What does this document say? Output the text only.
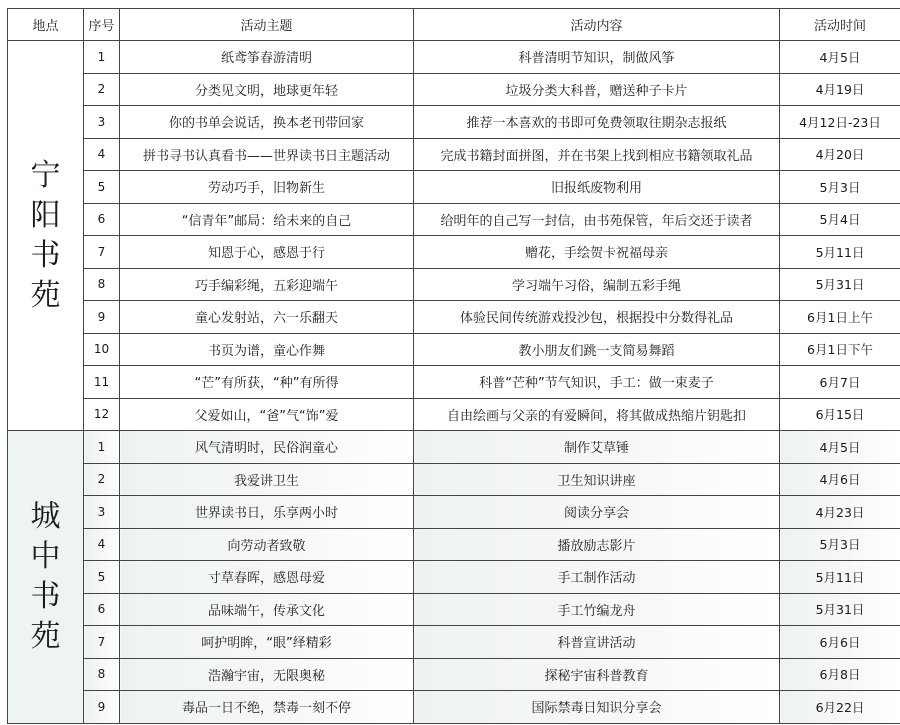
地点	序号	活动主题	活动内容	活动时间
宁阳书苑	1	纸鸢筝春游清明	科普清明节知识，制做风筝	4月5日
	2	分类见文明，地球更年轻	垃圾分类大科普，赠送种子卡片	4月19日
	3	你的书单会说话，换本老刊带回家	推荐一本喜欢的书即可免费领取往期杂志报纸	4月12日-23日
	4	拼书寻书认真看书——世界读书日主题活动	完成书籍封面拼图，并在书架上找到相应书籍领取礼品	4月20日
	5	劳动巧手，旧物新生	旧报纸废物利用	5月3日
	6	“信青年”邮局：给未来的自己	给明年的自己写一封信，由书苑保管，年后交还于读者	5月4日
	7	知恩于心，感恩于行	赠花，手绘贺卡祝福母亲	5月11日
	8	巧手编彩绳，五彩迎端午	学习端午习俗，编制五彩手绳	5月31日
	9	童心发射站，六一乐翻天	体验民间传统游戏投沙包，根据投中分数得礼品	6月1日上午
	10	书页为谱，童心作舞	教小朋友们跳一支简易舞蹈	6月1日下午
	11	“芒”有所获，“种”有所得	科普“芒种”节气知识，手工：做一束麦子	6月7日
	12	父爱如山，“爸”气“饰”爱	自由绘画与父亲的有爱瞬间，将其做成热缩片钥匙扣	6月15日
城中书苑	1	风气清明时，民俗润童心	制作艾草锤	4月5日
	2	我爱讲卫生	卫生知识讲座	4月6日
	3	世界读书日，乐享两小时	阅读分享会	4月23日
	4	向劳动者致敬	播放励志影片	5月3日
	5	寸草春晖，感恩母爱	手工制作活动	5月11日
	6	品味端午，传承文化	手工竹编龙舟	5月31日
	7	呵护明眸，“眼”绎精彩	科普宣讲活动	6月6日
	8	浩瀚宇宙，无限奥秘	探秘宇宙科普教育	6月8日
	9	毒品一日不绝，禁毒一刻不停	国际禁毒日知识分享会	6月22日
